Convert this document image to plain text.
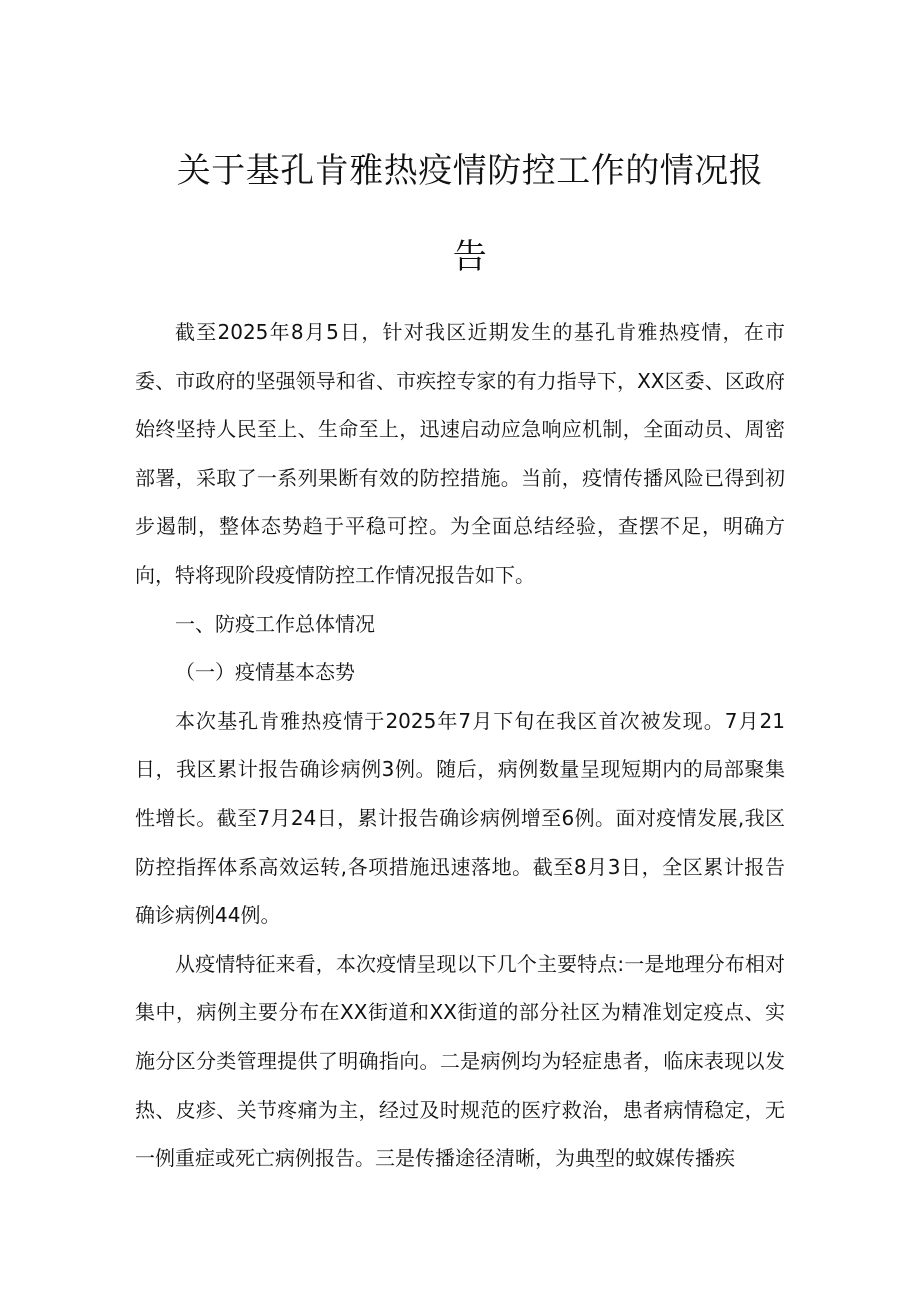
关于基孔肯雅热疫情防控工作的情况报告

截至2025年8月5日，针对我区近期发生的基孔肯雅热疫情，在市委、市政府的坚强领导和省、市疾控专家的有力指导下，XX区委、区政府始终坚持人民至上、生命至上，迅速启动应急响应机制，全面动员、周密部署，采取了一系列果断有效的防控措施。当前，疫情传播风险已得到初步遏制，整体态势趋于平稳可控。为全面总结经验，查摆不足，明确方向，特将现阶段疫情防控工作情况报告如下。

一、防疫工作总体情况

（一）疫情基本态势

本次基孔肯雅热疫情于2025年7月下旬在我区首次被发现。7月21日，我区累计报告确诊病例3例。随后，病例数量呈现短期内的局部聚集性增长。截至7月24日，累计报告确诊病例增至6例。面对疫情发展,我区防控指挥体系高效运转,各项措施迅速落地。截至8月3日，全区累计报告确诊病例44例。

从疫情特征来看，本次疫情呈现以下几个主要特点:一是地理分布相对集中，病例主要分布在XX街道和XX街道的部分社区为精准划定疫点、实施分区分类管理提供了明确指向。二是病例均为轻症患者，临床表现以发热、皮疹、关节疼痛为主，经过及时规范的医疗救治，患者病情稳定，无一例重症或死亡病例报告。三是传播途径清晰，为典型的蚊媒传播疾
